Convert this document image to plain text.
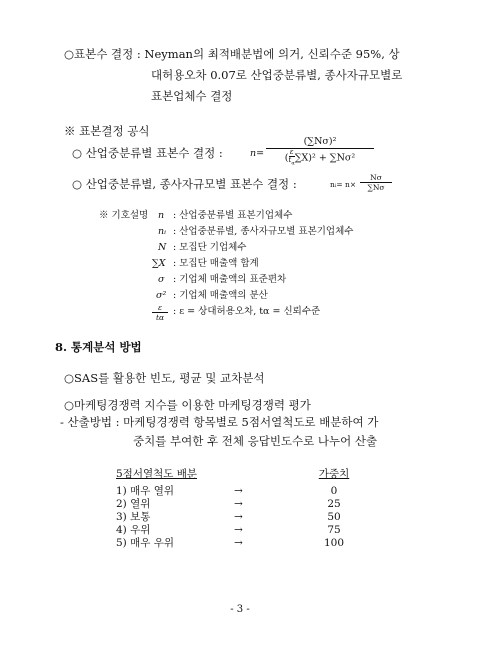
○표본수 결정 : Neyman의 최적배분법에 의거, 신뢰수준 95%, 상
대허용오차 0.07로 산업중분류별, 종사자규모별로
표본업체수 결정
※ 표본결정 공식
○ 산업중분류별 표본수 결정 :	n=
(∑Nσ)²
(
ε
$t_\alpha\sum X)^2 + \sum N\sigma^2$
○ 산업중분류별, 종사자규모별 표본수 결정 :	nᵢ= $n\times \frac{N\sigma}{\sum N\sigma}$
※ 기호설명 n : 산업중분류별 표본기업체수
nᵢ : 산업중분류별, 종사자규모별 표본기업체수
N : 모집단 기업체수
∑X : 모집단 매출액 합계
σ : 기업체 매출액의 표준편차
σ² : 기업체 매출액의 분산
$\frac{\varepsilon}{t\alpha}$ : ε = 상대허용오차, tα = 신뢰수준
8. 통계분석 방법
○SAS를 활용한 빈도, 평균 및 교차분석
○마케팅경쟁력 지수를 이용한 마케팅경쟁력 평가
- 산출방법 : 마케팅경쟁력 항목별로 5점서열척도로 배분하여 가
중치를 부여한 후 전체 응답빈도수로 나누어 산출
5점서열척도 배분	가중치
1) 매우 열위	→	0
2) 열위	→	25
3) 보통	→	50
4) 우위	→	75
5) 매우 우위	→	100
- 3 -
